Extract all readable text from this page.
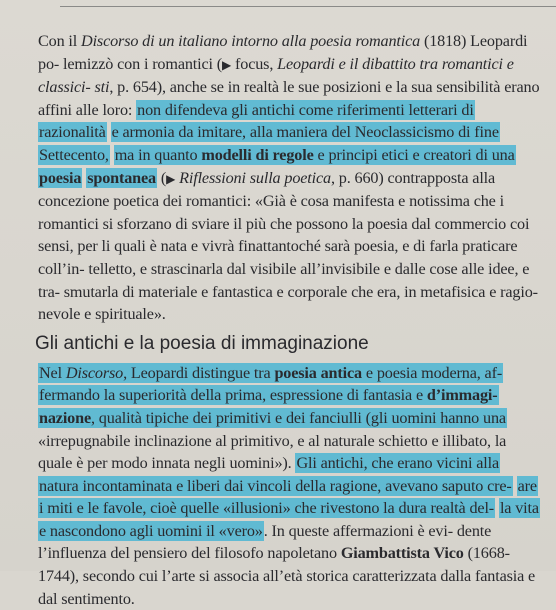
Con il Discorso di un italiano intorno alla poesia romantica (1818) Leopardi po- lemizzò con i romantici (▶ focus, Leopardi e il dibattito tra romantici e classici- sti, p. 654), anche se in realtà le sue posizioni e la sua sensibilità erano affini alle loro: non difendeva gli antichi come riferimenti letterari di razionalità e armonia da imitare, alla maniera del Neoclassicismo di fine Settecento, ma in quanto modelli di regole e principi etici e creatori di una poesia spontanea (▶ Riflessioni sulla poetica, p. 660) contrapposta alla concezione poetica dei romantici: «Già è cosa manifesta e notissima che i romantici si sforzano di sviare il più che possono la poesia dal commercio coi sensi, per li quali è nata e vivrà finattantoché sarà poesia, e di farla praticare coll’in- telletto, e strascinarla dal visibile all’invisibile e dalle cose alle idee, e tra- smutarla di materiale e fantastica e corporale che era, in metafisica e ragio- nevole e spirituale».

Gli antichi e la poesia di immaginazione

Nel Discorso, Leopardi distingue tra poesia antica e poesia moderna, af- fermando la superiorità della prima, espressione di fantasia e d’immagi- nazione, qualità tipiche dei primitivi e dei fanciulli (gli uomini hanno una «irrepugnabile inclinazione al primitivo, e al naturale schietto e illibato, la quale è per modo innata negli uomini»). Gli antichi, che erano vicini alla natura incontaminata e liberi dai vincoli della ragione, avevano saputo cre- are i miti e le favole, cioè quelle «illusioni» che rivestono la dura realtà del- la vita e nascondono agli uomini il «vero». In queste affermazioni è evi- dente l’influenza del pensiero del filosofo napoletano Giambattista Vico (1668-1744), secondo cui l’arte si associa all’età storica caratterizzata dalla fantasia e dal sentimento.
